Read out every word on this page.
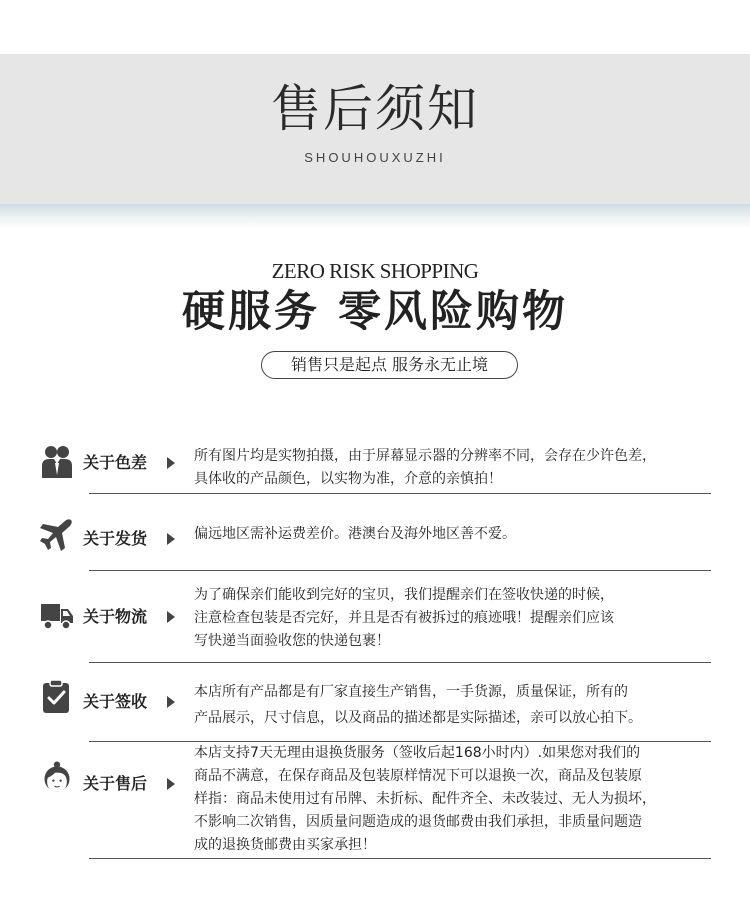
售后须知
SHOUHOUXUZHI
ZERO RISK SHOPPING
硬服务 零风险购物
销售只是起点 服务永无止境
关于色差	所有图片均是实物拍摄，由于屏幕显示器的分辨率不同，会存在少许色差，
具体收的产品颜色，以实物为准，介意的亲慎拍！
关于发货	偏远地区需补运费差价。港澳台及海外地区善不爱。
关于物流
为了确保亲们能收到完好的宝贝，我们提醒亲们在签收快递的时候，
注意检查包装是否完好，并且是否有被拆过的痕迹哦！提醒亲们应该
写快递当面验收您的快递包裹！
关于签收	本店所有产品都是有厂家直接生产销售，一手货源，质量保证，所有的
产品展示，尺寸信息，以及商品的描述都是实际描述，亲可以放心拍下。
关于售后
本店支持7天无理由退换货服务（签收后起168小时内）.如果您对我们的
商品不满意，在保存商品及包装原样情况下可以退换一次，商品及包装原
样指：商品未使用过有吊牌、未折标、配件齐全、未改装过、无人为损坏，
不影响二次销售，因质量问题造成的退货邮费由我们承担，非质量问题造
成的退换货邮费由买家承担！
